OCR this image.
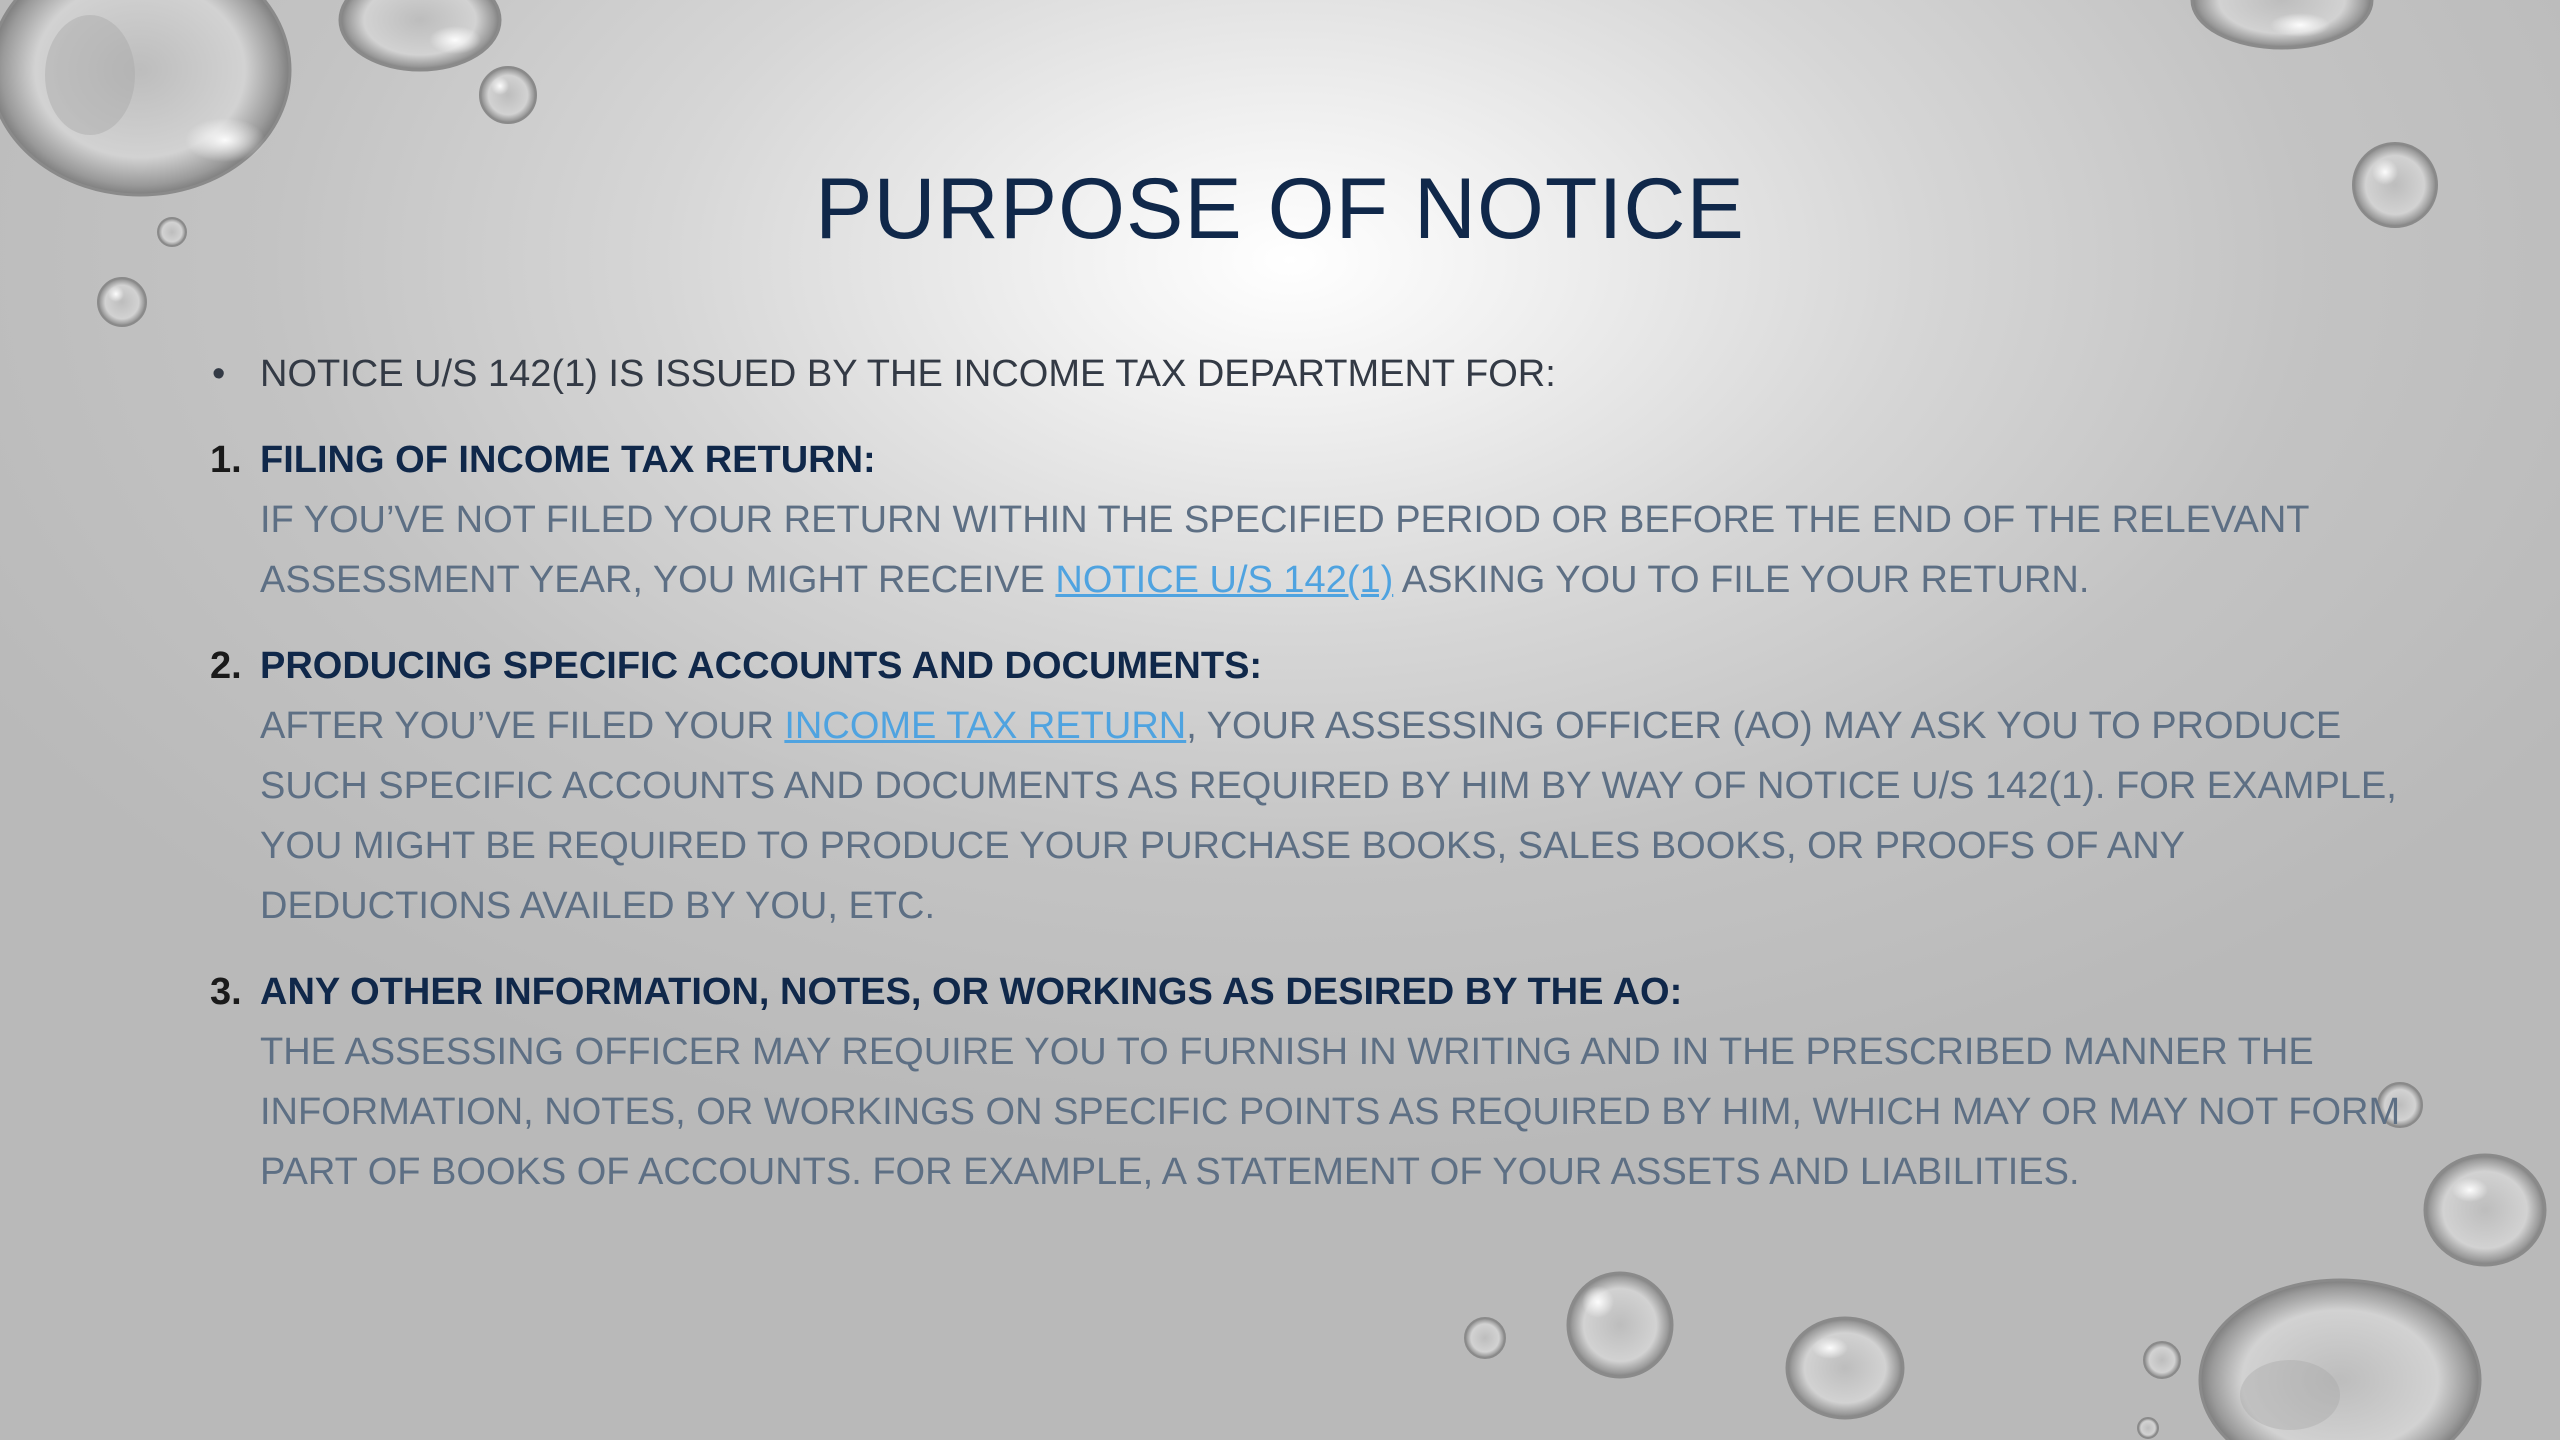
PURPOSE OF NOTICE
• NOTICE U/S 142(1) IS ISSUED BY THE INCOME TAX DEPARTMENT FOR:
1. FILING OF INCOME TAX RETURN:
IF YOU’VE NOT FILED YOUR RETURN WITHIN THE SPECIFIED PERIOD OR BEFORE THE END OF THE RELEVANT ASSESSMENT YEAR, YOU MIGHT RECEIVE NOTICE U/S 142(1) ASKING YOU TO FILE YOUR RETURN.
2. PRODUCING SPECIFIC ACCOUNTS AND DOCUMENTS:
AFTER YOU’VE FILED YOUR INCOME TAX RETURN, YOUR ASSESSING OFFICER (AO) MAY ASK YOU TO PRODUCE SUCH SPECIFIC ACCOUNTS AND DOCUMENTS AS REQUIRED BY HIM BY WAY OF NOTICE U/S 142(1). FOR EXAMPLE, YOU MIGHT BE REQUIRED TO PRODUCE YOUR PURCHASE BOOKS, SALES BOOKS, OR PROOFS OF ANY DEDUCTIONS AVAILED BY YOU, ETC.
3. ANY OTHER INFORMATION, NOTES, OR WORKINGS AS DESIRED BY THE AO:
THE ASSESSING OFFICER MAY REQUIRE YOU TO FURNISH IN WRITING AND IN THE PRESCRIBED MANNER THE INFORMATION, NOTES, OR WORKINGS ON SPECIFIC POINTS AS REQUIRED BY HIM, WHICH MAY OR MAY NOT FORM PART OF BOOKS OF ACCOUNTS. FOR EXAMPLE, A STATEMENT OF YOUR ASSETS AND LIABILITIES.
